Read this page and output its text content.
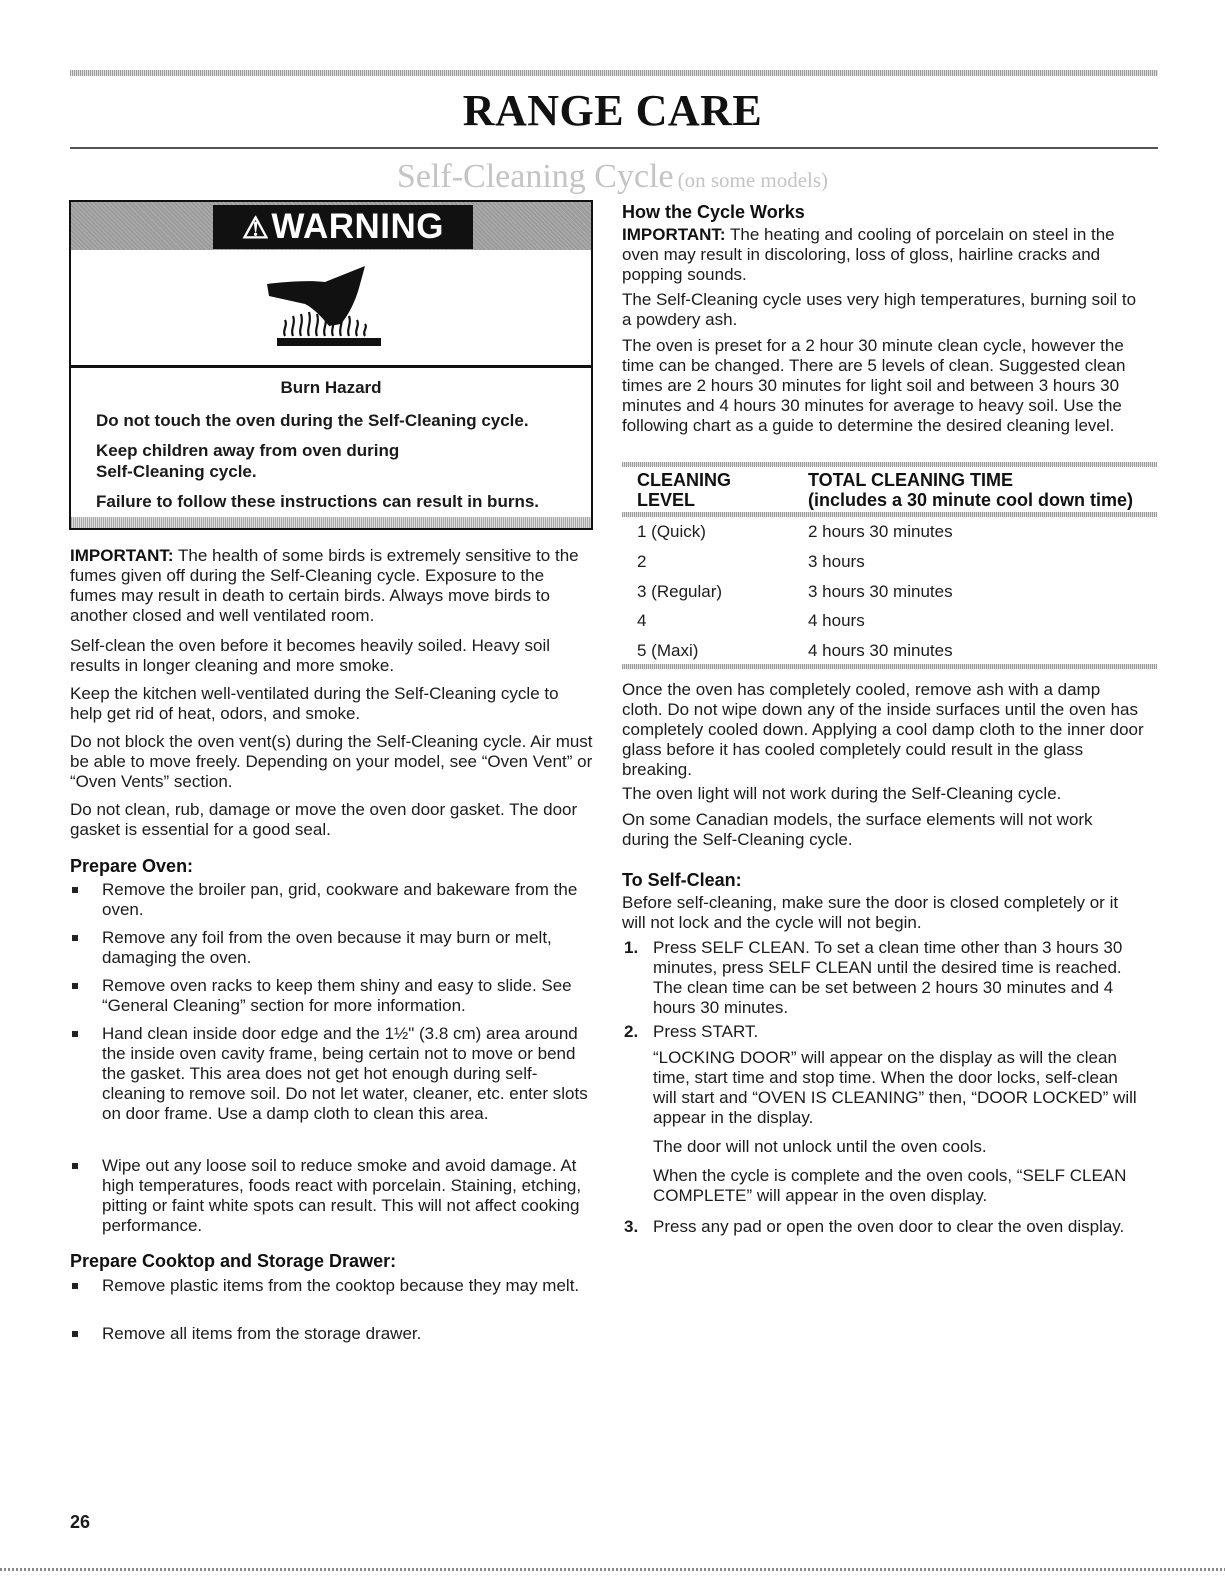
RANGE CARE
Self-Cleaning Cycle (on some models)
⚠WARNING
Burn Hazard
Do not touch the oven during the Self-Cleaning cycle.
Keep children away from oven during
Self-Cleaning cycle.
Failure to follow these instructions can result in burns.
IMPORTANT: The health of some birds is extremely sensitive to the fumes given off during the Self-Cleaning cycle. Exposure to the fumes may result in death to certain birds. Always move birds to another closed and well ventilated room.
Self-clean the oven before it becomes heavily soiled. Heavy soil results in longer cleaning and more smoke.
Keep the kitchen well-ventilated during the Self-Cleaning cycle to help get rid of heat, odors, and smoke.
Do not block the oven vent(s) during the Self-Cleaning cycle. Air must be able to move freely. Depending on your model, see “Oven Vent” or “Oven Vents” section.
Do not clean, rub, damage or move the oven door gasket. The door gasket is essential for a good seal.
Prepare Oven:
Remove the broiler pan, grid, cookware and bakeware from the oven.
Remove any foil from the oven because it may burn or melt, damaging the oven.
Remove oven racks to keep them shiny and easy to slide. See “General Cleaning” section for more information.
Hand clean inside door edge and the 1½" (3.8 cm) area around the inside oven cavity frame, being certain not to move or bend the gasket. This area does not get hot enough during self-cleaning to remove soil. Do not let water, cleaner, etc. enter slots on door frame. Use a damp cloth to clean this area.
Wipe out any loose soil to reduce smoke and avoid damage. At high temperatures, foods react with porcelain. Staining, etching, pitting or faint white spots can result. This will not affect cooking performance.
Prepare Cooktop and Storage Drawer:
Remove plastic items from the cooktop because they may melt.
Remove all items from the storage drawer.
How the Cycle Works
IMPORTANT: The heating and cooling of porcelain on steel in the oven may result in discoloring, loss of gloss, hairline cracks and popping sounds.
The Self-Cleaning cycle uses very high temperatures, burning soil to a powdery ash.
The oven is preset for a 2 hour 30 minute clean cycle, however the time can be changed. There are 5 levels of clean. Suggested clean times are 2 hours 30 minutes for light soil and between 3 hours 30 minutes and 4 hours 30 minutes for average to heavy soil. Use the following chart as a guide to determine the desired cleaning level.
CLEANING
LEVEL
TOTAL CLEANING TIME
(includes a 30 minute cool down time)
1 (Quick)	2 hours 30 minutes
2	3 hours
3 (Regular)	3 hours 30 minutes
4	4 hours
5 (Maxi)	4 hours 30 minutes
Once the oven has completely cooled, remove ash with a damp cloth. Do not wipe down any of the inside surfaces until the oven has completely cooled down. Applying a cool damp cloth to the inner door glass before it has cooled completely could result in the glass breaking.
The oven light will not work during the Self-Cleaning cycle.
On some Canadian models, the surface elements will not work during the Self-Cleaning cycle.
To Self-Clean:
Before self-cleaning, make sure the door is closed completely or it will not lock and the cycle will not begin.
1. Press SELF CLEAN. To set a clean time other than 3 hours 30 minutes, press SELF CLEAN until the desired time is reached. The clean time can be set between 2 hours 30 minutes and 4 hours 30 minutes.
2. Press START.
“LOCKING DOOR” will appear on the display as will the clean time, start time and stop time. When the door locks, self-clean will start and “OVEN IS CLEANING” then, “DOOR LOCKED” will appear in the display.
The door will not unlock until the oven cools.
When the cycle is complete and the oven cools, “SELF CLEAN COMPLETE” will appear in the oven display.
3. Press any pad or open the oven door to clear the oven display.
26
